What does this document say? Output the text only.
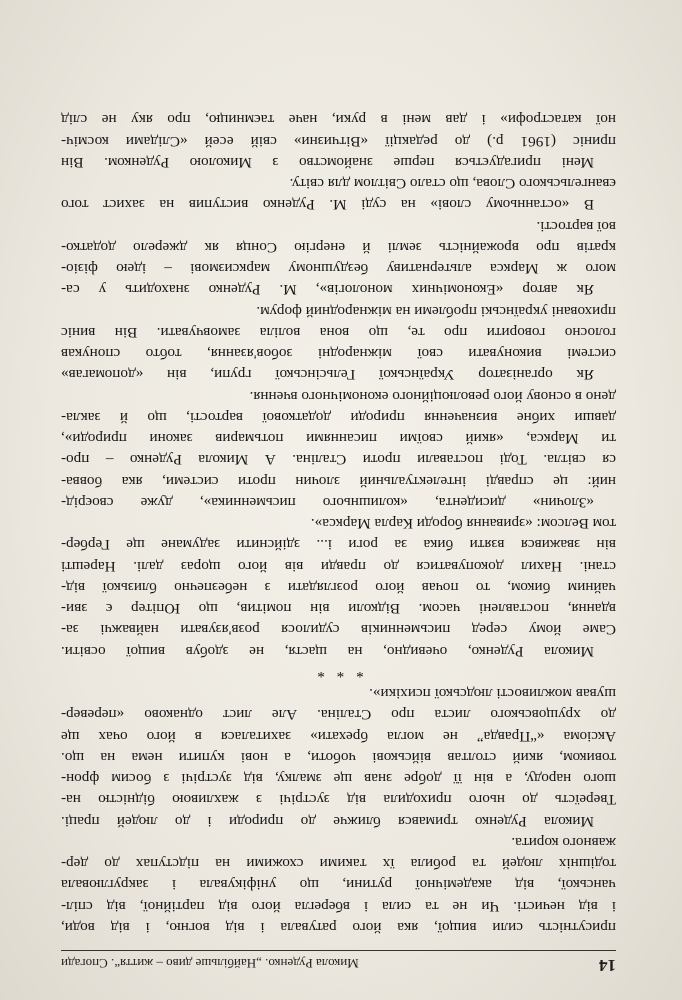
14
Микола Руденко. „Найбільше диво – життя“. Спогади
присутність сили вищої, яка його ратувала і від вогню, і від води,
і від нечисті. Чи не та сила і вберегла його від партійної, від спіл-
чанської, від академічної рутини, що уніфікувала і закруглювала
тодішніх людей та робила їх такими схожими на підступах до дер-
жавного корита.
Микола Руденко тримався ближче до природи і до людей праці.
Твереїсть до нього приходила від зустрічі з жахливою бідністю на-
шого народу, а він її добре знав ще змалку, від зустрічі з босим фрон-
товиком, який столтав військові чоботи, а нові купити нема на що.
Аксіома «“Правда” не могла брехати» захиталася в його очах ще
до хрущовського листа про Сталіна. Але лист однаково «перевер-
шував можливості людської психіки».
* * *
Микола Руденко, очевидно, на щастя, не здобув вищої освіти.
Саме йому серед письменників судилося розв'язувати найважчі за-
вдання, поставлені часом. Відколи він помітив, що Юпітер є зви-
чайним биком, то почав його розглядати з небезпечно близької від-
стані. Нахил докопуватися до правди вів його щораз далі. Нарешті
він зважився взяти бика за роги і... здійснити задумане ще Гербер-
том Велсом: «зривання бороди Карла Маркса».
«Злочин» дисидента, «колишнього письменника», дуже своєрід-
ний: це справді інтелектуальний злочин проти системи, яка бовва-
ся світла. Тоді поставали проти Сталіна. А Микола Руденко – про-
ти Маркса, «який своїми писаннями потьмарив закони природи»,
давши хибне визначення природи додаткової вартості, що й закла-
дено в основу його революційного економічного вчення.
Як організатор Української Гельсінської групи, він «допомагав»
системі виконувати свої міжнародні зобов'язання, тобто спонукав
голосно говорити про те, що вона воліла замовчувати. Він виніс
приховані українські проблеми на міжнародний форум.
Як автор «Економічних монологів», М. Руденко знаходить у са-
мого ж Маркса альтернативу бездушному марксизмові – ідею фізіо-
кратів про врожайність землі й енергію Сонця як джерело додатко-
вої вартості.
В «останньому слові» на суді М. Руденко виступив на захист того
євангельського Слова, що стало Світлом для світу.
Мені пригадується перше знайомство з Миколою Руденком. Він
приніс (1961 р.) до редакції «Вітчизни» свій есей «Слідами косміч-
ної катастрофи» і дав мені в руки, наче таємницю, про яку не слід
